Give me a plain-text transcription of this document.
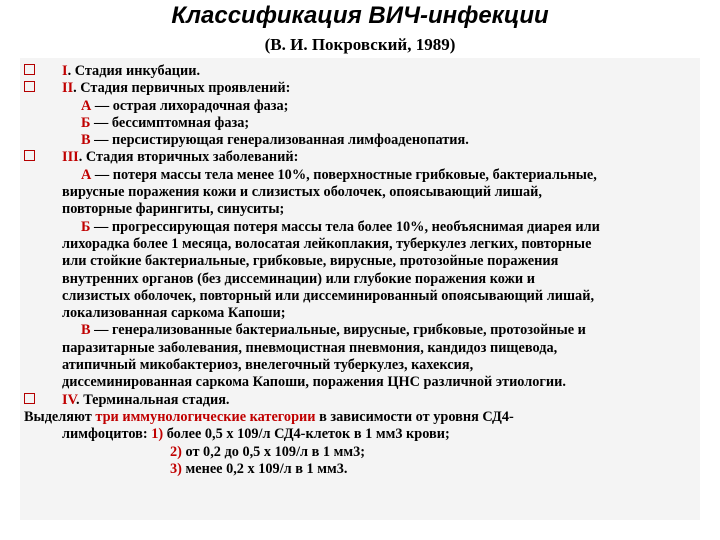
Классификация ВИЧ-инфекции
(В. И. Покровский, 1989)
I. Стадия инкубации.
II. Стадия первичных проявлений:
А — острая лихорадочная фаза;
Б — бессимптомная фаза;
В — персистирующая генерализованная лимфоаденопатия.
III. Стадия вторичных заболеваний:
А — потеря массы тела менее 10%, поверхностные грибковые, бактериальные,
вирусные поражения кожи и слизистых оболочек, опоясывающий лишай,
повторные фарингиты, синуситы;
Б — прогрессирующая потеря массы тела более 10%, необъяснимая диарея или
лихорадка более 1 месяца, волосатая лейкоплакия, туберкулез легких, повторные
или стойкие бактериальные, грибковые, вирусные, протозойные поражения
внутренних органов (без диссеминации) или глубокие поражения кожи и
слизистых оболочек, повторный или диссеминированный опоясывающий лишай,
локализованная саркома Капоши;
В — генерализованные бактериальные, вирусные, грибковые, протозойные и
паразитарные заболевания, пневмоцистная пневмония, кандидоз пищевода,
атипичный микобактериоз, внелегочный туберкулез, кахексия,
диссеминированная саркома Капоши, поражения ЦНС различной этиологии.
IV. Терминальная стадия.
Выделяют три иммунологические категории в зависимости от уровня СД4-
лимфоцитов: 1) более 0,5 х 109/л СД4-клеток в 1 мм3 крови;
2) от 0,2 до 0,5 х 109/л в 1 мм3;
3) менее 0,2 х 109/л в 1 мм3.
